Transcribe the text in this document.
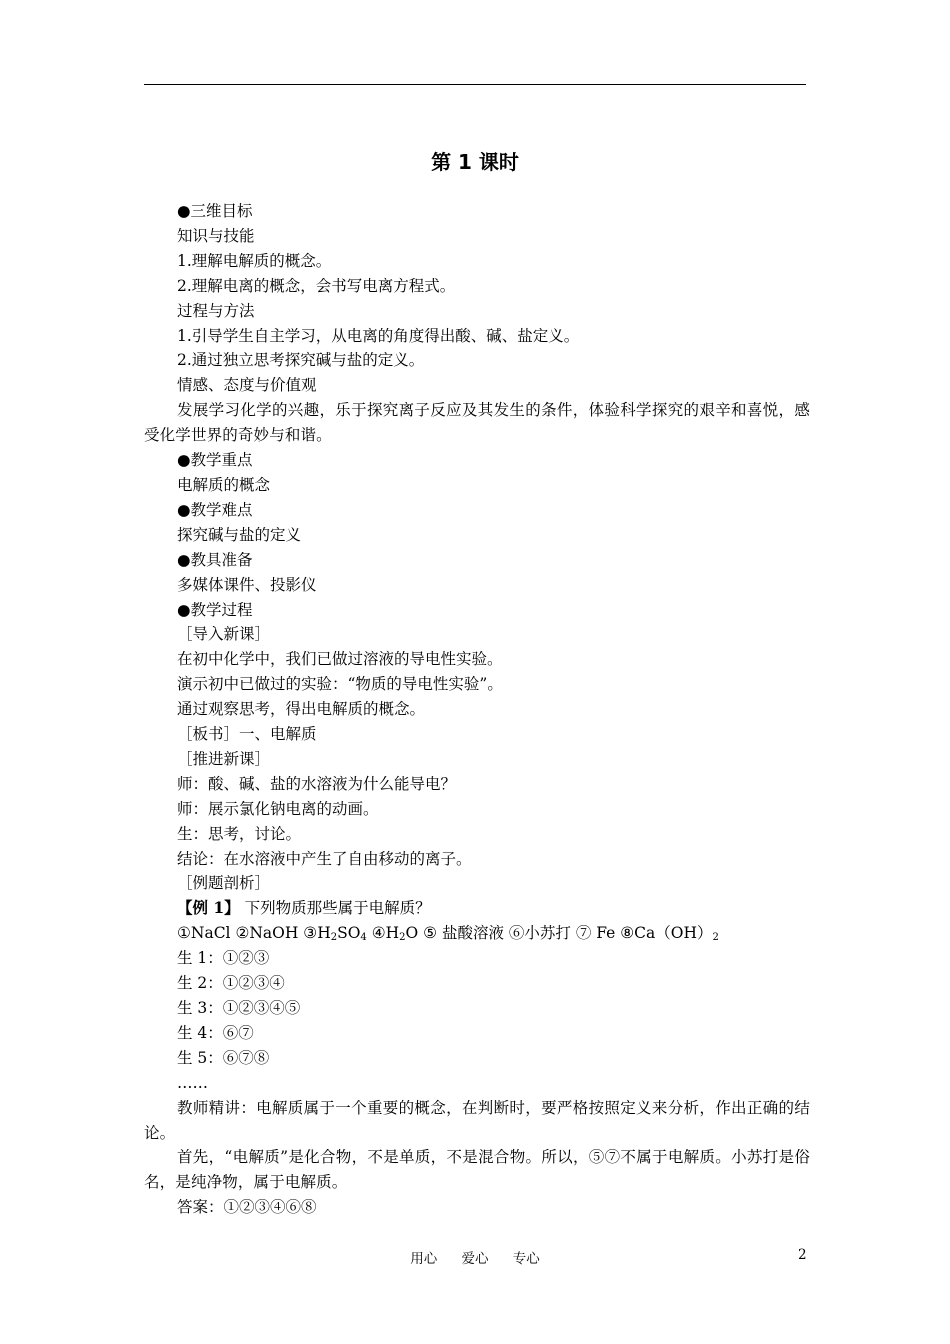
第 1 课时

●三维目标

知识与技能

1.理解电解质的概念。

2.理解电离的概念，会书写电离方程式。

过程与方法

1.引导学生自主学习，从电离的角度得出酸、碱、盐定义。

2.通过独立思考探究碱与盐的定义。

情感、态度与价值观

发展学习化学的兴趣，乐于探究离子反应及其发生的条件，体验科学探究的艰辛和喜悦，感受化学世界的奇妙与和谐。

●教学重点

电解质的概念

●教学难点

探究碱与盐的定义

●教具准备

多媒体课件、投影仪

●教学过程

［导入新课］

在初中化学中，我们已做过溶液的导电性实验。

演示初中已做过的实验：“物质的导电性实验”。

通过观察思考，得出电解质的概念。

［板书］一、电解质

［推进新课］

师：酸、碱、盐的水溶液为什么能导电？

师：展示氯化钠电离的动画。

生：思考，讨论。

结论：在水溶液中产生了自由移动的离子。

［例题剖析］

【例 1】 下列物质那些属于电解质？

①NaCl ②NaOH $③H_2SO_4$ $④H_2O$ ⑤ 盐酸溶液 ⑥小苏打 ⑦ Fe $⑧Ca(OH)_2$

生 1：①②③

生 2：①②③④

生 3：①②③④⑤

生 4：⑥⑦

生 5：⑥⑦⑧

……

教师精讲：电解质属于一个重要的概念，在判断时，要严格按照定义来分析，作出正确的结论。

首先，“电解质”是化合物，不是单质，不是混合物。所以，⑤⑦不属于电解质。小苏打是俗名，是纯净物，属于电解质。

答案：①②③④⑥⑧

用心 爱心 专心	2
